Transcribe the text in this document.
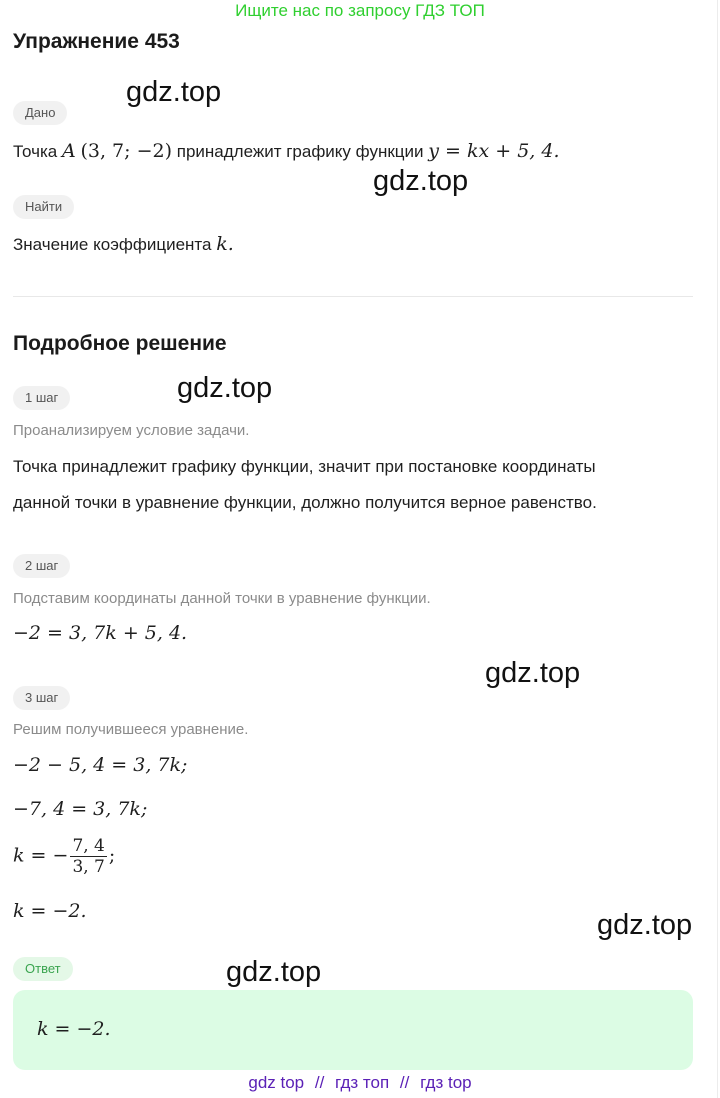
Ищите нас по запросу ГДЗ ТОП
Упражнение 453
Дано
Точка A (3, 7; −2) принадлежит графику функции y = kx + 5, 4.
Найти
Значение коэффициента k.
Подробное решение
1 шаг
Проанализируем условие задачи.
Точка принадлежит графику функции, значит при постановке координаты
данной точки в уравнение функции, должно получится верное равенство.
2 шаг
Подставим координаты данной точки в уравнение функции.
−2 = 3, 7k + 5, 4.
3 шаг
Решим получившееся уравнение.
−2 − 5, 4 = 3, 7k;
−7, 4 = 3, 7k;
k = − $\frac{7, 4}{3, 7}$ ;
k = −2.
Ответ
k = −2.
gdz.top
gdz.top
gdz.top
gdz.top
gdz.top
gdz.top
gdz top // гдз топ // гдз top
